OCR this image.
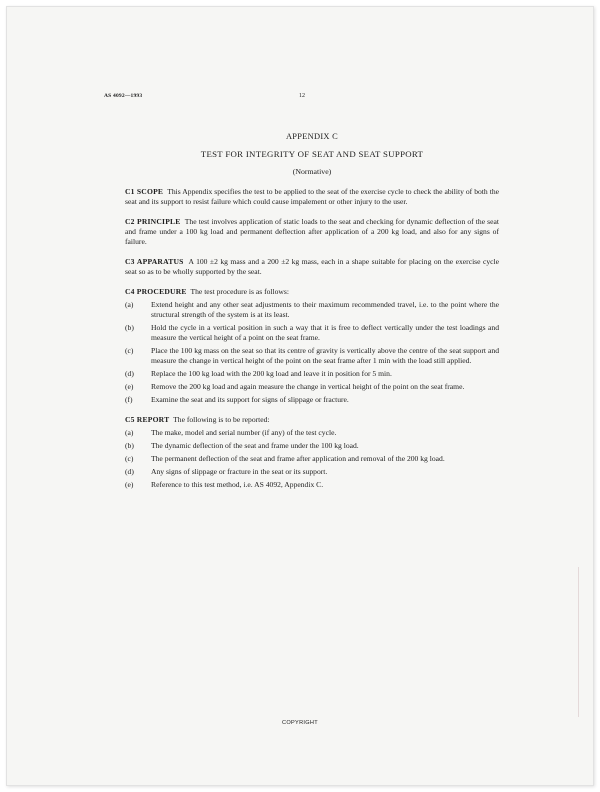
AS 4092—1993	12

APPENDIX C

TEST FOR INTEGRITY OF SEAT AND SEAT SUPPORT

(Normative)

C1 SCOPE This Appendix specifies the test to be applied to the seat of the exercise cycle to check the ability of both the seat and its support to resist failure which could cause impalement or other injury to the user.

C2 PRINCIPLE The test involves application of static loads to the seat and checking for dynamic deflection of the seat and frame under a 100 kg load and permanent deflection after application of a 200 kg load, and also for any signs of failure.

C3 APPARATUS A 100 ±2 kg mass and a 200 ±2 kg mass, each in a shape suitable for placing on the exercise cycle seat so as to be wholly supported by the seat.

C4 PROCEDURE The test procedure is as follows:

(a)	Extend height and any other seat adjustments to their maximum recommended travel, i.e. to the point where the structural strength of the system is at its least.
(b)	Hold the cycle in a vertical position in such a way that it is free to deflect vertically under the test loadings and measure the vertical height of a point on the seat frame.
(c)	Place the 100 kg mass on the seat so that its centre of gravity is vertically above the centre of the seat support and measure the change in vertical height of the point on the seat frame after 1 min with the load still applied.
(d)	Replace the 100 kg load with the 200 kg load and leave it in position for 5 min.
(e)	Remove the 200 kg load and again measure the change in vertical height of the point on the seat frame.
(f)	Examine the seat and its support for signs of slippage or fracture.

C5 REPORT The following is to be reported:

(a)	The make, model and serial number (if any) of the test cycle.
(b)	The dynamic deflection of the seat and frame under the 100 kg load.
(c)	The permanent deflection of the seat and frame after application and removal of the 200 kg load.
(d)	Any signs of slippage or fracture in the seat or its support.
(e)	Reference to this test method, i.e. AS 4092, Appendix C.
COPYRIGHT
